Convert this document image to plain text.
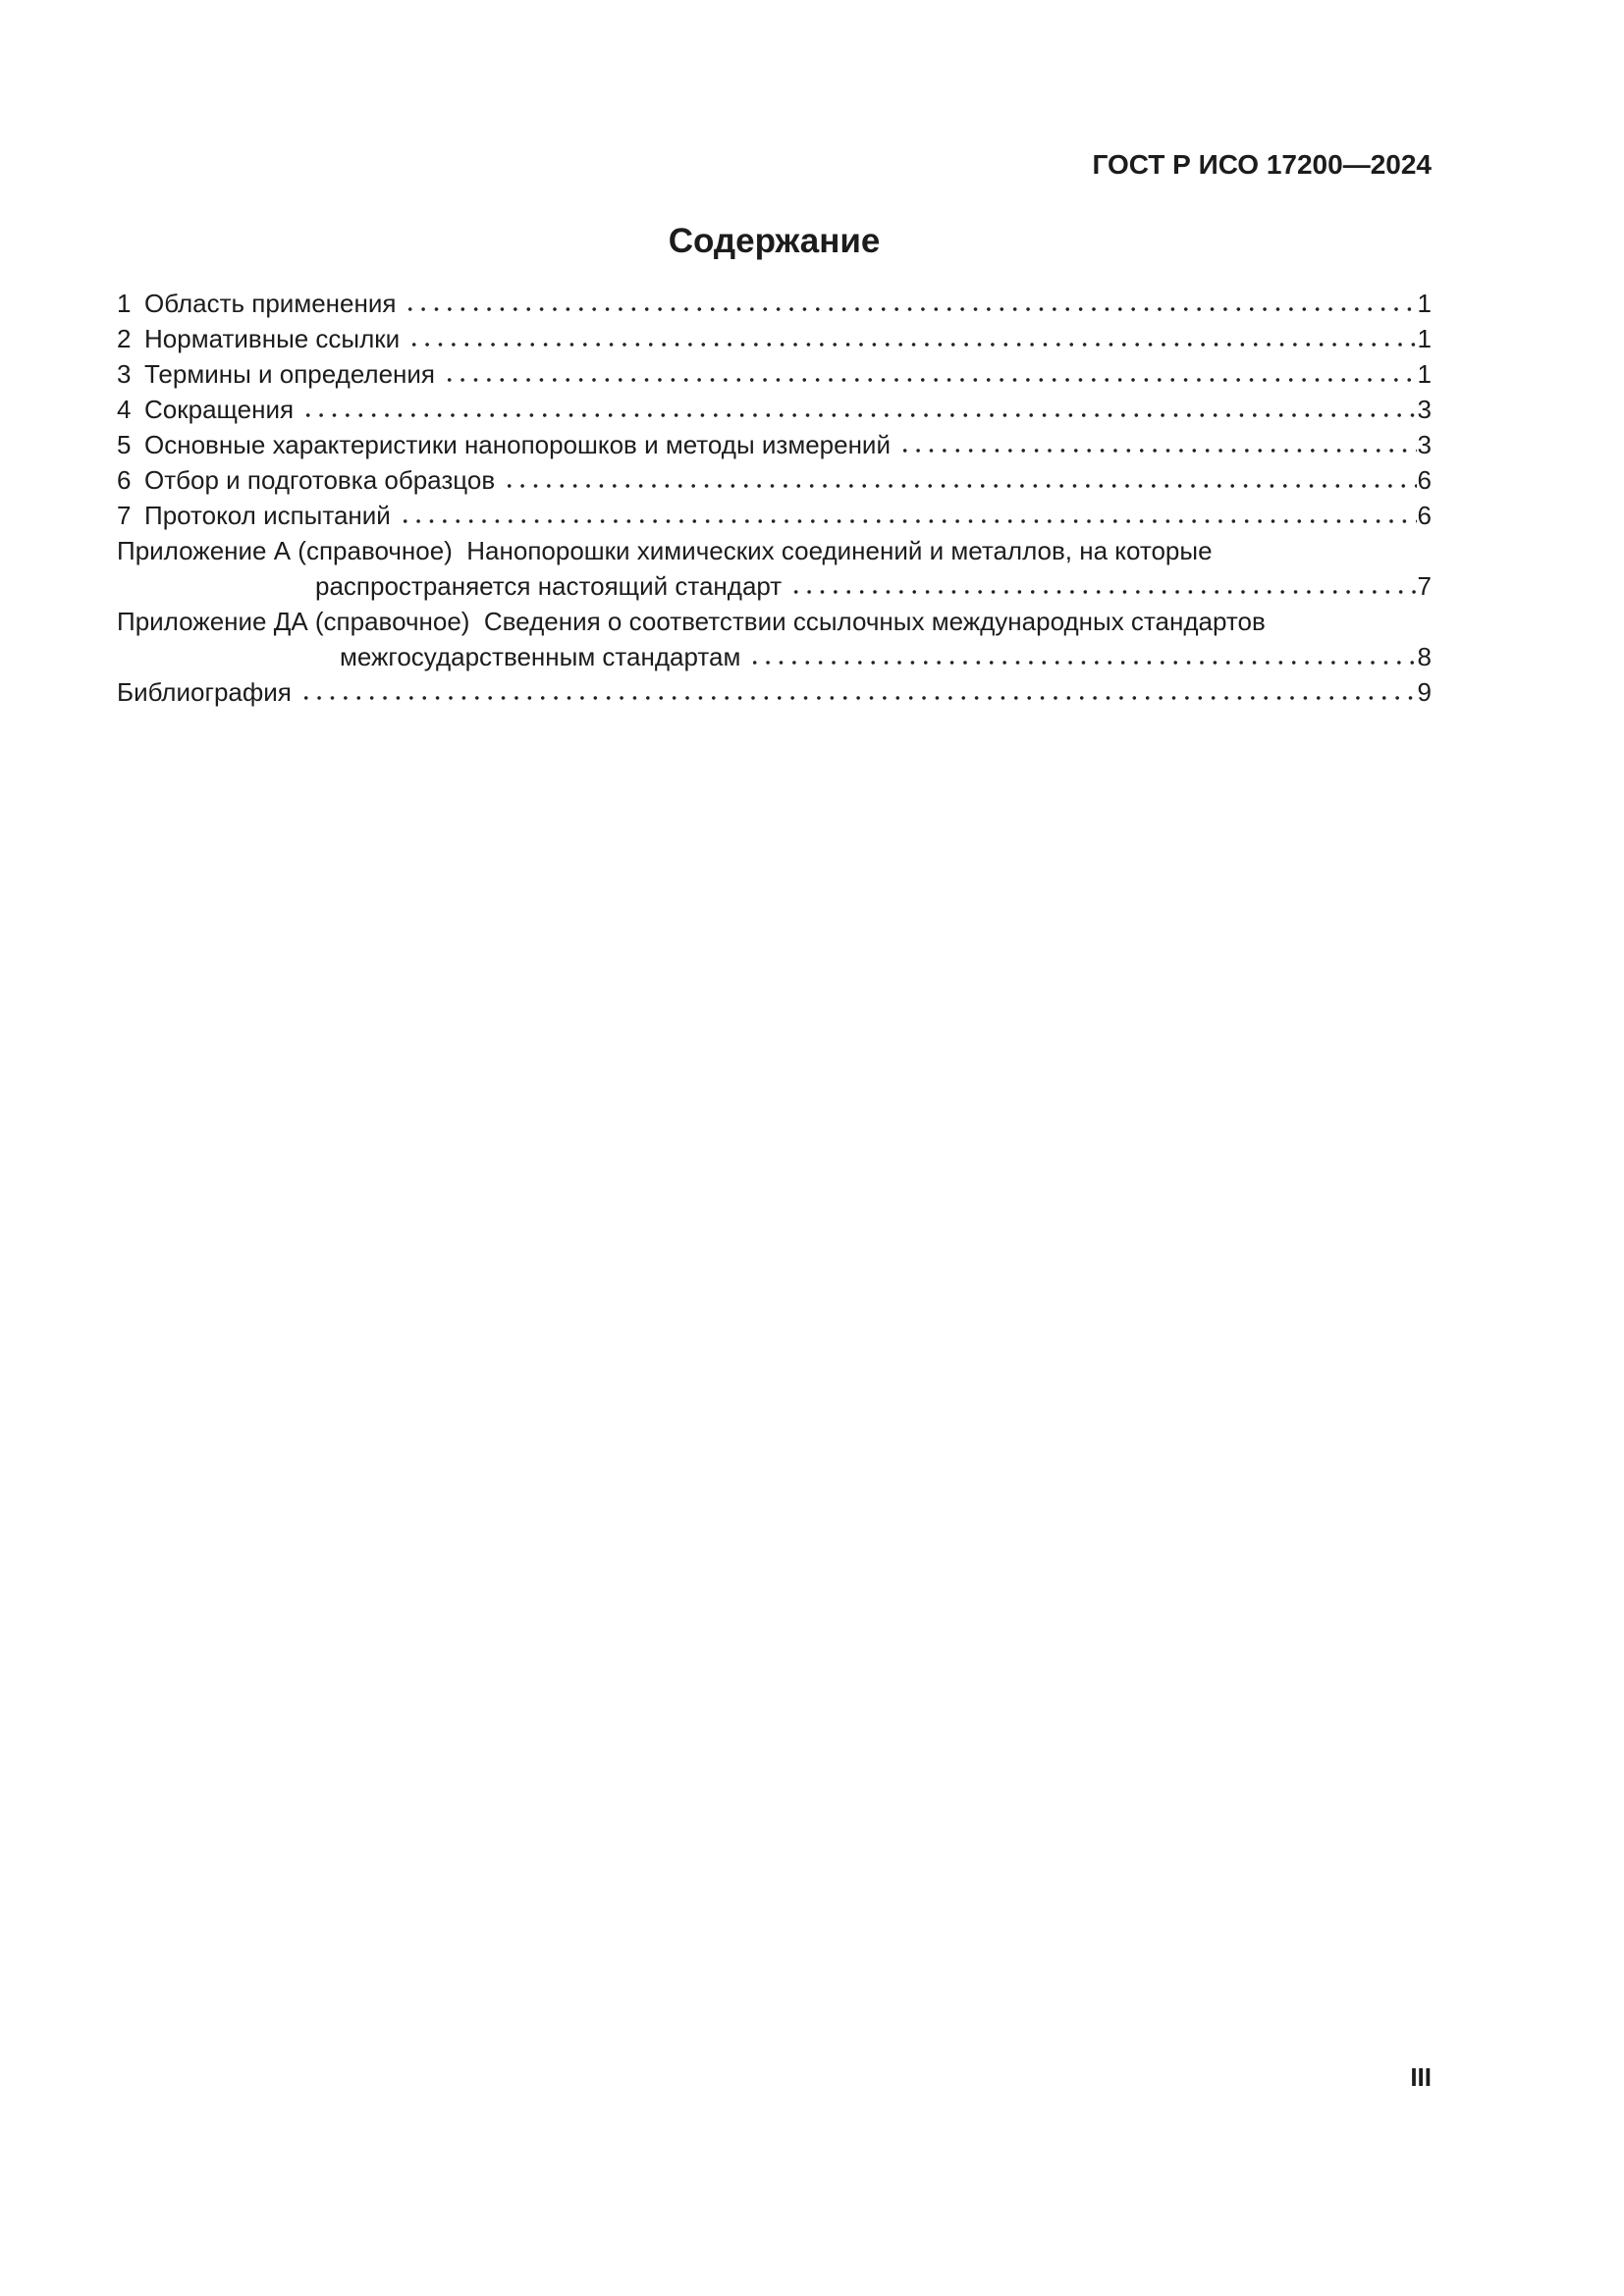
ГОСТ Р ИСО 17200—2024
Содержание
1 Область применения	1
2 Нормативные ссылки	1
3 Термины и определения	1
4 Сокращения	3
5 Основные характеристики нанопорошков и методы измерений	3
6 Отбор и подготовка образцов	6
7 Протокол испытаний	6
Приложение А (справочное)  Нанопорошки химических соединений и металлов, на которые
распространяется настоящий стандарт	7
Приложение ДА (справочное)  Сведения о соответствии ссылочных международных стандартов
межгосударственным стандартам	8
Библиография	9
III
